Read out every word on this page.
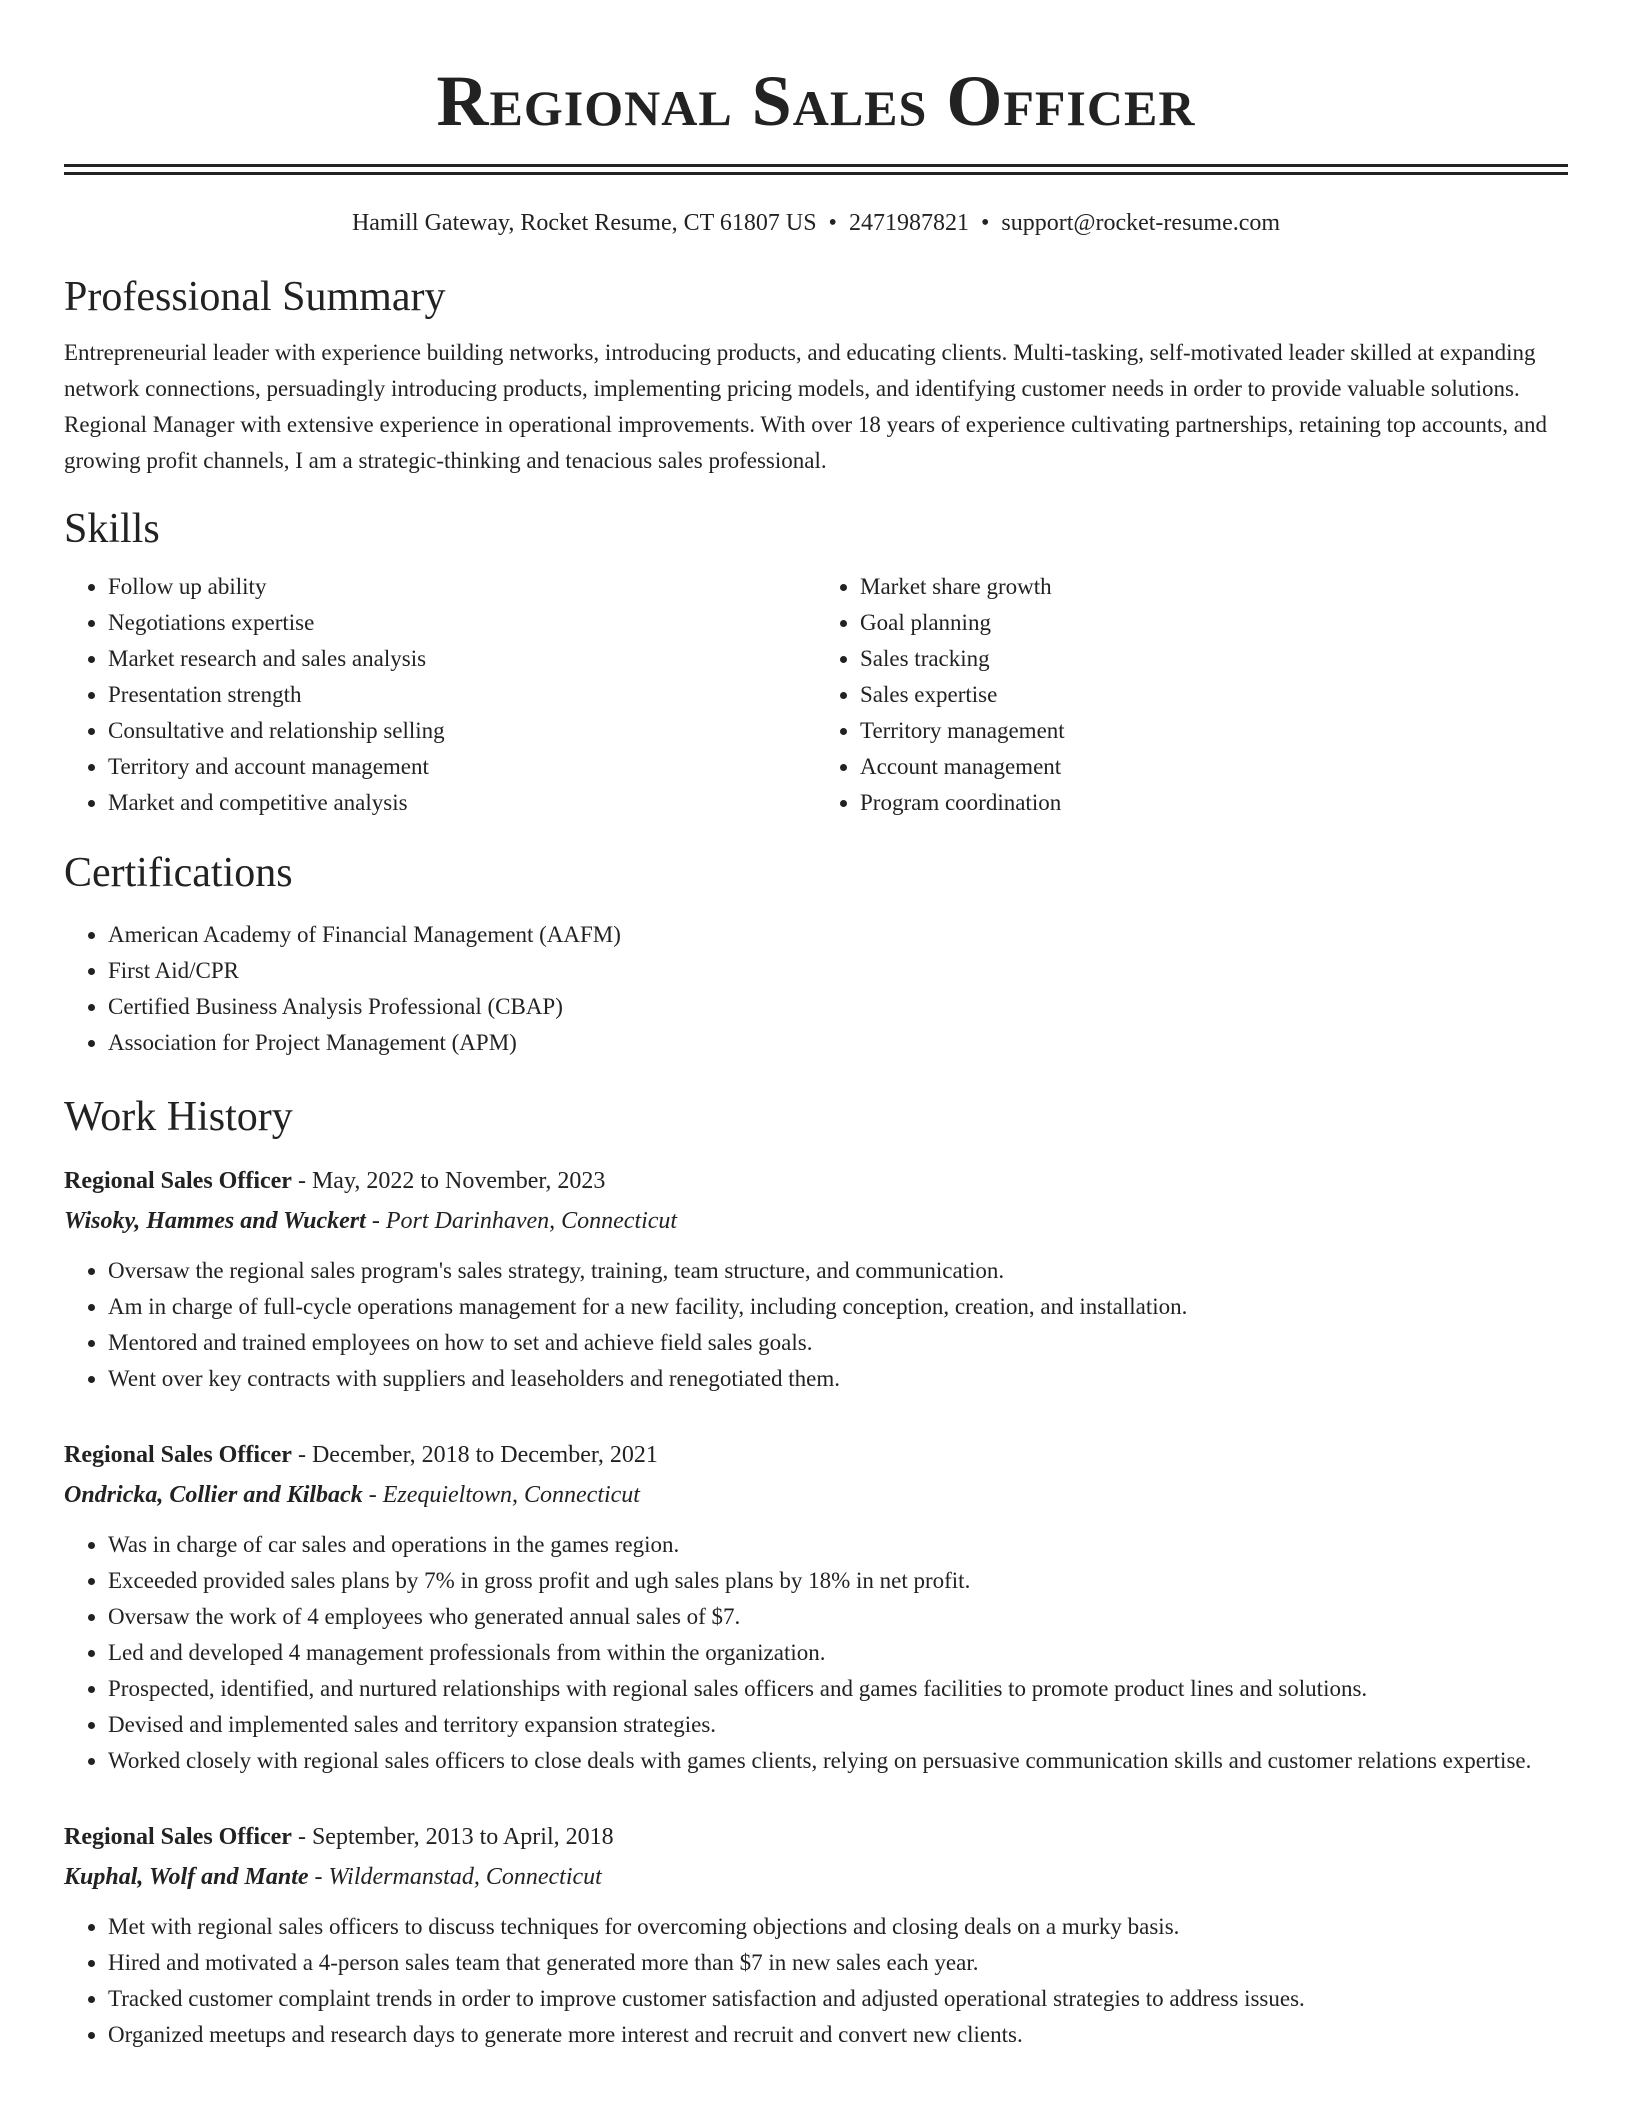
Regional Sales Officer
Hamill Gateway, Rocket Resume, CT 61807 US • 2471987821 • support@rocket-resume.com
Professional Summary

Entrepreneurial leader with experience building networks, introducing products, and educating clients. Multi-tasking, self-motivated leader skilled at expanding network connections, persuadingly introducing products, implementing pricing models, and identifying customer needs in order to provide valuable solutions. Regional Manager with extensive experience in operational improvements. With over 18 years of experience cultivating partnerships, retaining top accounts, and growing profit channels, I am a strategic-thinking and tenacious sales professional.

Skills
• Follow up ability
• Negotiations expertise
• Market research and sales analysis
• Presentation strength
• Consultative and relationship selling
• Territory and account management
• Market and competitive analysis
• Market share growth
• Goal planning
• Sales tracking
• Sales expertise
• Territory management
• Account management
• Program coordination
Certifications
• American Academy of Financial Management (AAFM)
• First Aid/CPR
• Certified Business Analysis Professional (CBAP)
• Association for Project Management (APM)
Work History
Regional Sales Officer - May, 2022 to November, 2023
Wisoky, Hammes and Wuckert - Port Darinhaven, Connecticut
• Oversaw the regional sales program's sales strategy, training, team structure, and communication.
• Am in charge of full-cycle operations management for a new facility, including conception, creation, and installation.
• Mentored and trained employees on how to set and achieve field sales goals.
• Went over key contracts with suppliers and leaseholders and renegotiated them.
Regional Sales Officer - December, 2018 to December, 2021
Ondricka, Collier and Kilback - Ezequieltown, Connecticut
• Was in charge of car sales and operations in the games region.
• Exceeded provided sales plans by 7% in gross profit and ugh sales plans by 18% in net profit.
• Oversaw the work of 4 employees who generated annual sales of $7.
• Led and developed 4 management professionals from within the organization.
• Prospected, identified, and nurtured relationships with regional sales officers and games facilities to promote product lines and solutions.
• Devised and implemented sales and territory expansion strategies.
• Worked closely with regional sales officers to close deals with games clients, relying on persuasive communication skills and customer relations expertise.
Regional Sales Officer - September, 2013 to April, 2018
Kuphal, Wolf and Mante - Wildermanstad, Connecticut
• Met with regional sales officers to discuss techniques for overcoming objections and closing deals on a murky basis.
• Hired and motivated a 4-person sales team that generated more than $7 in new sales each year.
• Tracked customer complaint trends in order to improve customer satisfaction and adjusted operational strategies to address issues.
• Organized meetups and research days to generate more interest and recruit and convert new clients.
